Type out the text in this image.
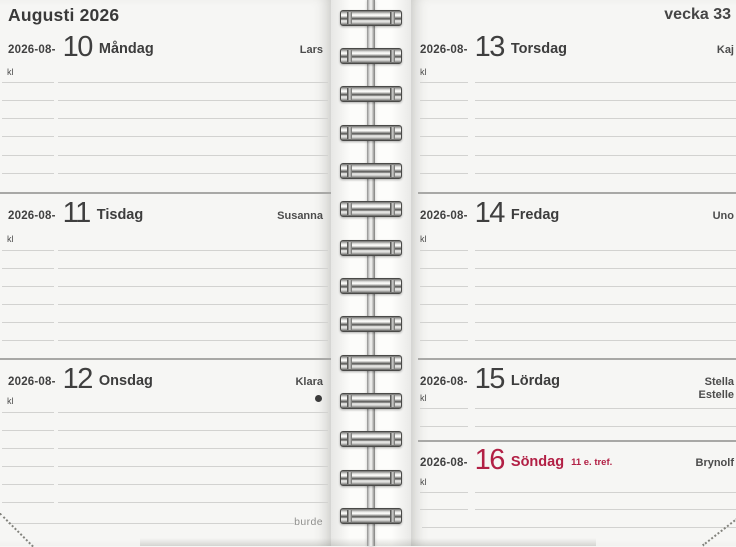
Augusti 2026
2026-08- 10 Måndag	Lars
kl
2026-08- 11 Tisdag	Susanna
kl
2026-08- 12 Onsdag	Klara
kl
burde
vecka 33
2026-08- 13 Torsdag	Kaj
kl
2026-08- 14 Fredag	Uno
kl
2026-08- 15 Lördag	Stella
Estelle
kl
2026-08- 16 Söndag 11 e. tref.	Brynolf
kl
